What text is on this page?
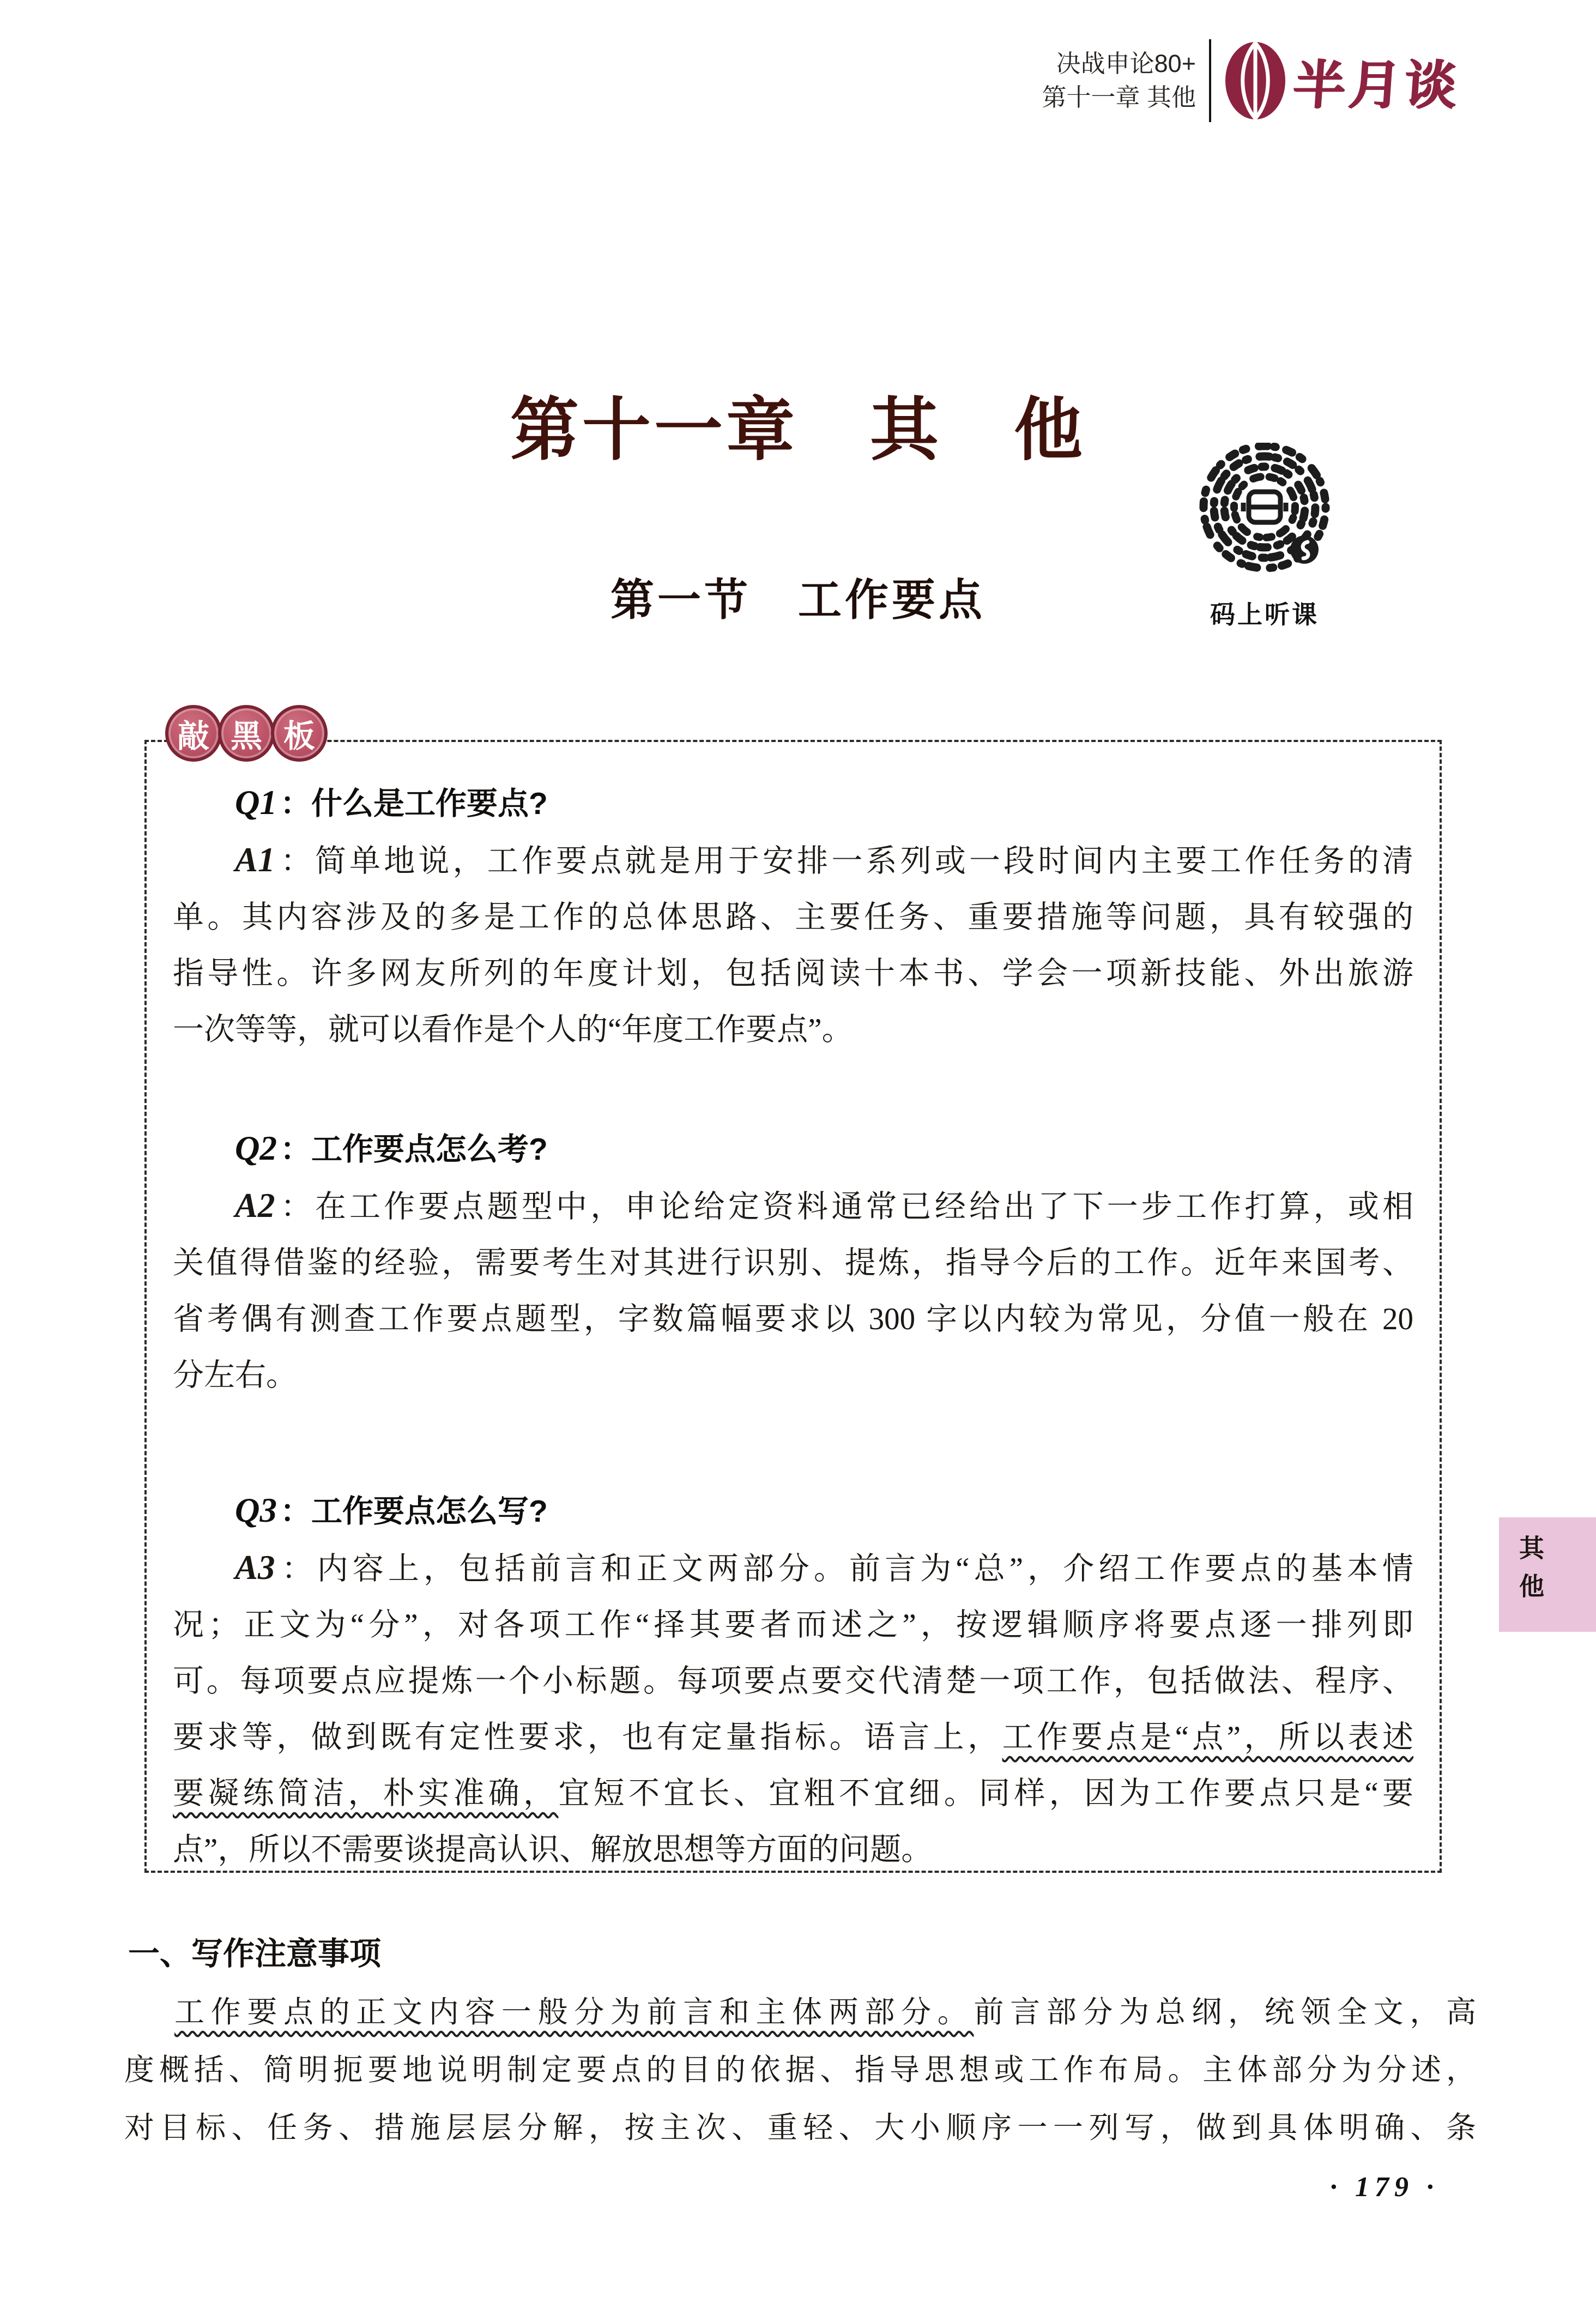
决战申论80+
第十一章 其他 半月谈
第十一章　其　他
第一节　工作要点	码上听课
敲 黑 板
Q1 ：什么是工作要点?
A1：简单地说，工作要点就是用于安排一系列或一段时间内主要工作任务的清
单。其内容涉及的多是工作的总体思路、主要任务、重要措施等问题，具有较强的
指导性。许多网友所列的年度计划，包括阅读十本书、学会一项新技能、外出旅游
一次等等，就可以看作是个人的“年度工作要点”。
Q2 ：工作要点怎么考?
A2：在工作要点题型中，申论给定资料通常已经给出了下一步工作打算，或相
关值得借鉴的经验，需要考生对其进行识别、提炼，指导今后的工作。近年来国考、
省考偶有测查工作要点题型，字数篇幅要求以 300 字以内较为常见，分值一般在 20
分左右。
Q3 ：工作要点怎么写?
A3：内容上，包括前言和正文两部分。前言为“总”，介绍工作要点的基本情
况；正文为“分”，对各项工作“择其要者而述之”，按逻辑顺序将要点逐一排列即
可。每项要点应提炼一个小标题。每项要点要交代清楚一项工作，包括做法、程序、
要求等，做到既有定性要求，也有定量指标。语言上，工作要点是“点”，所以表述
要凝练简洁，朴实准确，宜短不宜长、宜粗不宜细。同样，因为工作要点只是“要
点”，所以不需要谈提高认识、解放思想等方面的问题。
一、写作注意事项
工作要点的正文内容一般分为前言和主体两部分。前言部分为总纲，统领全文，高
度概括、简明扼要地说明制定要点的目的依据、指导思想或工作布局。主体部分为分述，
对目标、任务、措施层层分解，按主次、重轻、大小顺序一一列写，做到具体明确、条
其他
· 179 ·
